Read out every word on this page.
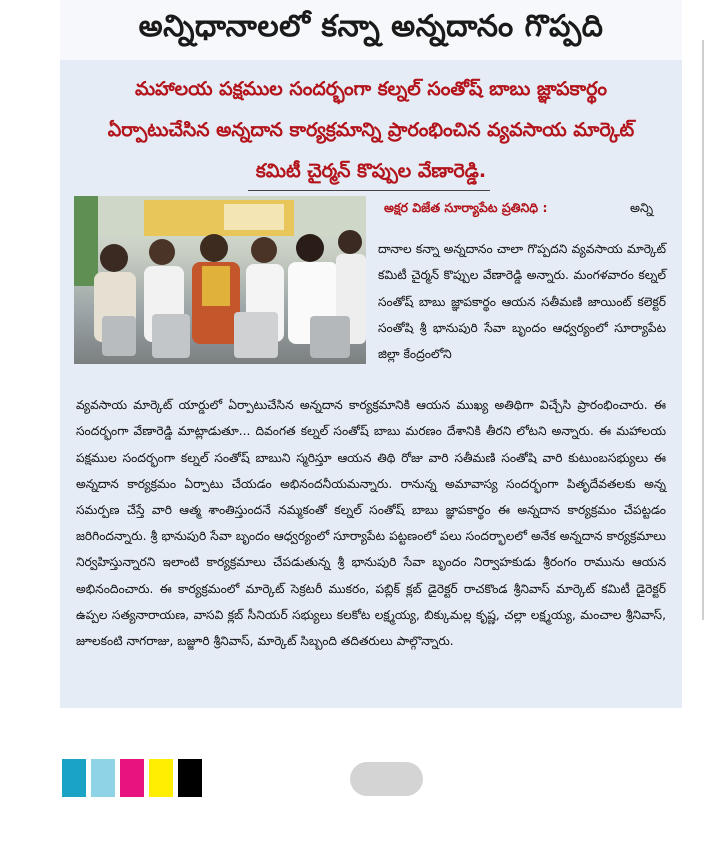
అన్నిధానాలలో కన్నా అన్నదానం గొప్పది
మహాలయ పక్షముల సందర్భంగా కల్నల్ సంతోష్ బాబు జ్ఞాపకార్థం
ఏర్పాటుచేసిన అన్నదాన కార్యక్రమాన్ని ప్రారంభించిన వ్యవసాయ మార్కెట్
కమిటీ చైర్మన్ కొప్పుల వేణారెడ్డి.
అక్షర విజేత సూర్యాపేట ప్రతినిధి :	అన్ని

దానాల కన్నా అన్నదానం చాలా గొప్పదని వ్యవసాయ మార్కెట్ కమిటీ చైర్మన్ కొప్పుల వేణారెడ్డి అన్నారు. మంగళవారం కల్నల్ సంతోష్ బాబు జ్ఞాపకార్థం ఆయన సతీమణి జాయింట్ కలెక్టర్ సంతోషి శ్రీ భానుపురి సేవా బృందం ఆధ్వర్యంలో సూర్యాపేట జిల్లా కేంద్రంలోని

వ్యవసాయ మార్కెట్ యార్డులో ఏర్పాటుచేసిన అన్నదాన కార్యక్రమానికి ఆయన ముఖ్య అతిథిగా విచ్చేసి ప్రారంభించారు. ఈ సందర్భంగా వేణారెడ్డి మాట్లాడుతూ... దివంగత కల్నల్ సంతోష్ బాబు మరణం దేశానికి తీరని లోటని అన్నారు. ఈ మహాలయ పక్షముల సందర్భంగా కల్నల్ సంతోష్ బాబుని స్మరిస్తూ ఆయన తిథి రోజు వారి సతీమణి సంతోషి వారి కుటుంబసభ్యులు ఈ అన్నదాన కార్యక్రమం ఏర్పాటు చేయడం అభినందనీయమన్నారు. రానున్న అమావాస్య సందర్భంగా పితృదేవతలకు అన్న సమర్పణ చేస్తే వారి ఆత్మ శాంతిస్తుందనే నమ్మకంతో కల్నల్ సంతోష్ బాబు జ్ఞాపకార్థం ఈ అన్నదాన కార్యక్రమం చేపట్టడం జరిగిందన్నారు. శ్రీ భానుపురి సేవా బృందం ఆధ్వర్యంలో సూర్యాపేట పట్టణంలో పలు సందర్భాలలో అనేక అన్నదాన కార్యక్రమాలు నిర్వహిస్తున్నారని ఇలాంటి కార్యక్రమాలు చేపడుతున్న శ్రీ భానుపురి సేవా బృందం నిర్వాహకుడు శ్రీరంగం రామును ఆయన అభినందించారు. ఈ కార్యక్రమంలో మార్కెట్ సెక్రటరీ ముకరం, పబ్లిక్ క్లబ్ డైరెక్టర్ రాచకొండ శ్రీనివాస్ మార్కెట్ కమిటీ డైరెక్టర్ ఉప్పల సత్యనారాయణ, వాసవి క్లబ్ సీనియర్ సభ్యులు కలకోట లక్ష్మయ్య, బిక్కుమల్ల కృష్ణ, చల్లా లక్ష్మయ్య, మంచాల శ్రీనివాస్, జూలకంటి నాగరాజు, బజ్జూరి శ్రీనివాస్, మార్కెట్ సిబ్బంది తదితరులు పాల్గొన్నారు.
